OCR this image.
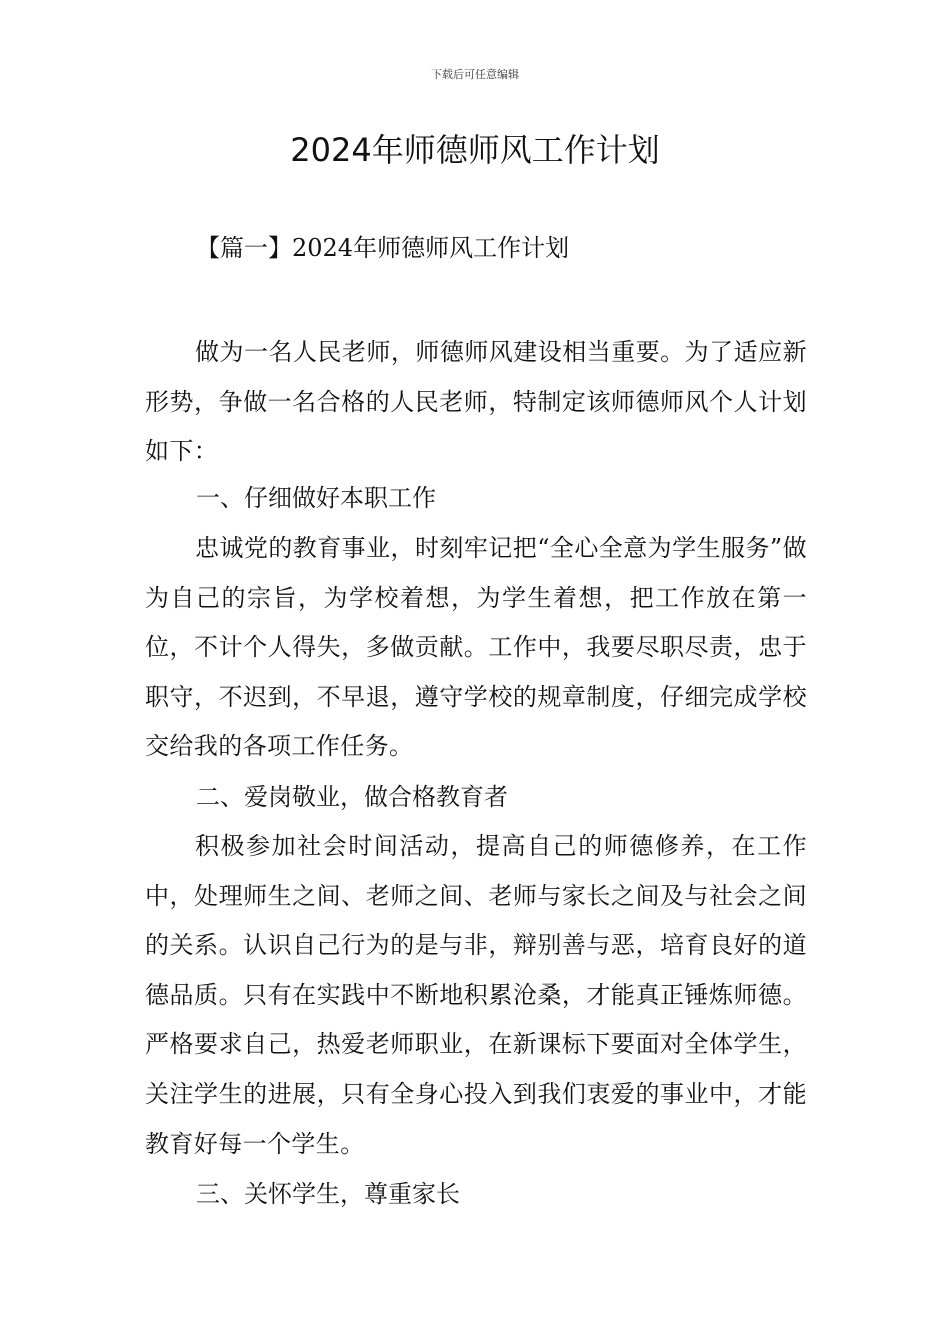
下载后可任意编辑
2024年师德师风工作计划
【篇一】2024年师德师风工作计划

做为一名人民老师，师德师风建设相当重要。为了适应新形势，争做一名合格的人民老师，特制定该师德师风个人计划如下：

一、仔细做好本职工作

忠诚党的教育事业，时刻牢记把“全心全意为学生服务”做为自己的宗旨，为学校着想，为学生着想，把工作放在第一位，不计个人得失，多做贡献。工作中，我要尽职尽责，忠于职守，不迟到，不早退，遵守学校的规章制度，仔细完成学校交给我的各项工作任务。

二、爱岗敬业，做合格教育者

积极参加社会时间活动，提高自己的师德修养，在工作中，处理师生之间、老师之间、老师与家长之间及与社会之间的关系。认识自己行为的是与非，辩别善与恶，培育良好的道德品质。只有在实践中不断地积累沧桑，才能真正锤炼师德。严格要求自己，热爱老师职业，在新课标下要面对全体学生，关注学生的进展，只有全身心投入到我们衷爱的事业中，才能教育好每一个学生。

三、关怀学生，尊重家长
